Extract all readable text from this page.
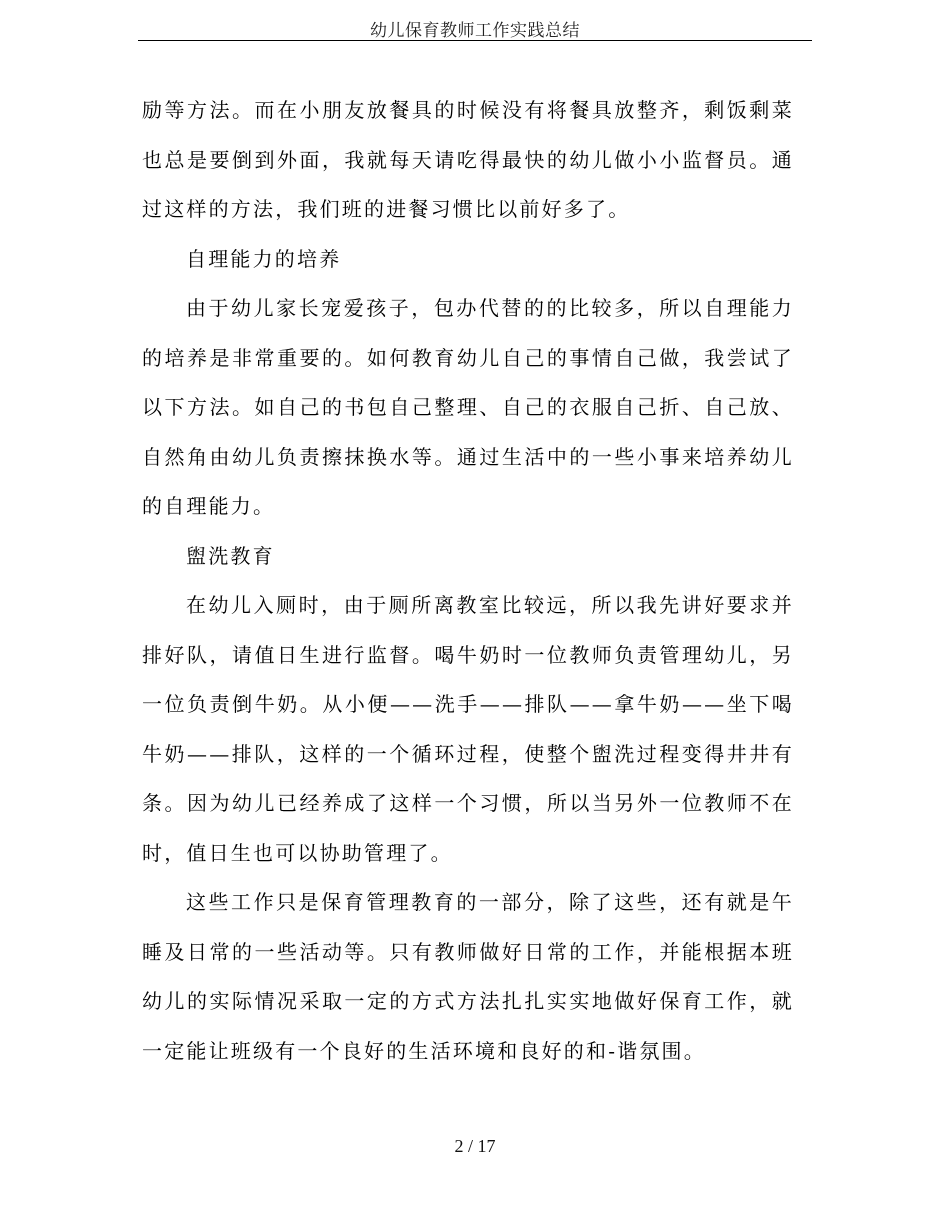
幼儿保育教师工作实践总结

励等方法。而在小朋友放餐具的时候没有将餐具放整齐，剩饭剩菜也总是要倒到外面，我就每天请吃得最快的幼儿做小小监督员。通过这样的方法，我们班的进餐习惯比以前好多了。

自理能力的培养

由于幼儿家长宠爱孩子，包办代替的的比较多，所以自理能力的培养是非常重要的。如何教育幼儿自己的事情自己做，我尝试了以下方法。如自己的书包自己整理、自己的衣服自己折、自己放、自然角由幼儿负责擦抹换水等。通过生活中的一些小事来培养幼儿的自理能力。

盥洗教育

在幼儿入厕时，由于厕所离教室比较远，所以我先讲好要求并排好队，请值日生进行监督。喝牛奶时一位教师负责管理幼儿，另一位负责倒牛奶。从小便——洗手——排队——拿牛奶——坐下喝牛奶——排队，这样的一个循环过程，使整个盥洗过程变得井井有条。因为幼儿已经养成了这样一个习惯，所以当另外一位教师不在时，值日生也可以协助管理了。

这些工作只是保育管理教育的一部分，除了这些，还有就是午睡及日常的一些活动等。只有教师做好日常的工作，并能根据本班幼儿的实际情况采取一定的方式方法扎扎实实地做好保育工作，就一定能让班级有一个良好的生活环境和良好的和-谐氛围。

2 / 17
